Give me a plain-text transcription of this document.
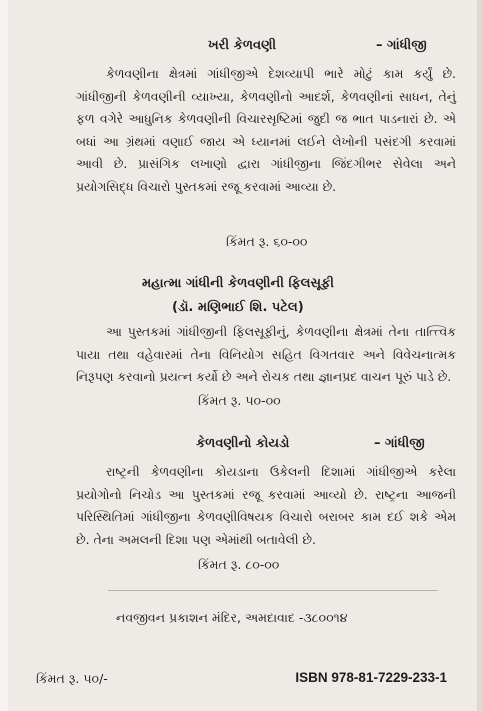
ખરી કેળવણી	– ગાંધીજી
કેળવણીના ક્ષેત્રમાં ગાંધીજીએ દેશવ્યાપી ભારે મોટું કામ કર્યું છે. ગાંધીજીની કેળવણીની વ્યાખ્યા, કેળવણીનો આદર્શ, કેળવણીનાં સાધન, તેનું ફળ વગેરે આધુનિક કેળવણીની વિચારસૃષ્ટિમાં જુદી જ ભાત પાડનારાં છે. એ બધાં આ ગ્રંથમાં વણાઈ જાય એ ધ્યાનમાં લઈને લેખોની પસંદગી કરવામાં આવી છે. પ્રાસંગિક લખાણો દ્વારા ગાંધીજીના જિંદગીભર સેવેલા અને પ્રયોગસિદ્ધ વિચારો પુસ્તકમાં રજૂ કરવામાં આવ્યા છે.
કિંમત રૂ. ૬૦-૦૦
મહાત્મા ગાંધીની કેળવણીની ફિલસૂફી
(ડૉ. મણિભાઈ શિ. પટેલ)
આ પુસ્તકમાં ગાંધીજીની ફિલસૂફીનું, કેળવણીના ક્ષેત્રમાં તેના તાત્ત્વિક પાયા તથા વહેવારમાં તેના વિનિયોગ સહિત વિગતવાર અને વિવેચનાત્મક નિરૂપણ કરવાનો પ્રયત્ન કર્યો છે અને રોચક તથા જ્ઞાનપ્રદ વાચન પૂરું પાડે છે.
કિંમત રૂ. ૫૦-૦૦
કેળવણીનો કોયડો	– ગાંધીજી
રાષ્ટ્રની કેળવણીના કોયડાના ઉકેલની દિશામાં ગાંધીજીએ કરેલા પ્રયોગોનો નિચોડ આ પુસ્તકમાં રજૂ કરવામાં આવ્યો છે. રાષ્ટ્રના આજની પરિસ્થિતિમાં ગાંધીજીના કેળવણીવિષયક વિચારો બરાબર કામ દઈ શકે એમ છે. તેના અમલની દિશા પણ એમાંથી બતાવેલી છે.
કિંમત રૂ. ૮૦-૦૦
નવજીવન પ્રકાશન મંદિર, અમદાવાદ -૩૮૦૦૧૪
કિંમત રૂ. ૫૦/-	ISBN 978-81-7229-233-1
